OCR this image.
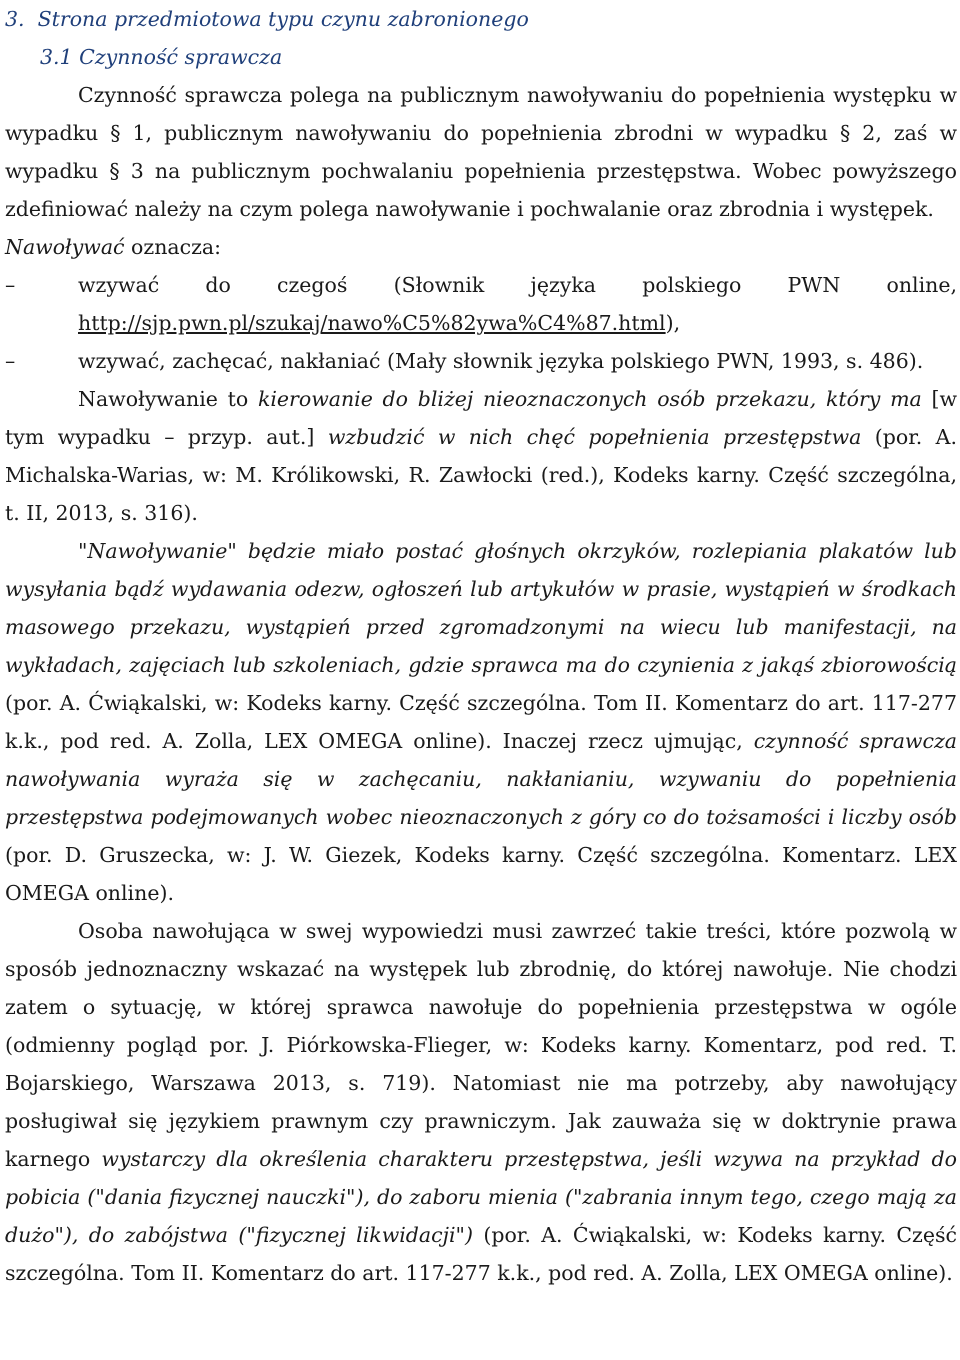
3. Strona przedmiotowa typu czynu zabronionego

3.1 Czynność sprawcza

Czynność sprawcza polega na publicznym nawoływaniu do popełnienia występku w wypadku § 1, publicznym nawoływaniu do popełnienia zbrodni w wypadku § 2, zaś w wypadku § 3 na publicznym pochwalaniu popełnienia przestępstwa. Wobec powyższego zdefiniować należy na czym polega nawoływanie i pochwalanie oraz zbrodnia i występek.

Nawoływać oznacza:

–	wzywać do czegoś (Słownik języka polskiego PWN online, http://sjp.pwn.pl/szukaj/nawo%C5%82ywa%C4%87.html),
–	wzywać, zachęcać, nakłaniać (Mały słownik języka polskiego PWN, 1993, s. 486).

Nawoływanie to kierowanie do bliżej nieoznaczonych osób przekazu, który ma [w tym wypadku – przyp. aut.] wzbudzić w nich chęć popełnienia przestępstwa (por. A. Michalska-Warias, w: M. Królikowski, R. Zawłocki (red.), Kodeks karny. Część szczególna, t. II, 2013, s. 316).

"Nawoływanie" będzie miało postać głośnych okrzyków, rozlepiania plakatów lub wysyłania bądź wydawania odezw, ogłoszeń lub artykułów w prasie, wystąpień w środkach masowego przekazu, wystąpień przed zgromadzonymi na wiecu lub manifestacji, na wykładach, zajęciach lub szkoleniach, gdzie sprawca ma do czynienia z jakąś zbiorowością (por. A. Ćwiąkalski, w: Kodeks karny. Część szczególna. Tom II. Komentarz do art. 117-277 k.k., pod red. A. Zolla, LEX OMEGA online). Inaczej rzecz ujmując, czynność sprawcza nawoływania wyraża się w zachęcaniu, nakłanianiu, wzywaniu do popełnienia przestępstwa podejmowanych wobec nieoznaczonych z góry co do tożsamości i liczby osób (por. D. Gruszecka, w: J. W. Giezek, Kodeks karny. Część szczególna. Komentarz. LEX OMEGA online).

Osoba nawołująca w swej wypowiedzi musi zawrzeć takie treści, które pozwolą w sposób jednoznaczny wskazać na występek lub zbrodnię, do której nawołuje. Nie chodzi zatem o sytuację, w której sprawca nawołuje do popełnienia przestępstwa w ogóle (odmienny pogląd por. J. Piórkowska-Flieger, w: Kodeks karny. Komentarz, pod red. T. Bojarskiego, Warszawa 2013, s. 719). Natomiast nie ma potrzeby, aby nawołujący posługiwał się językiem prawnym czy prawniczym. Jak zauważa się w doktrynie prawa karnego wystarczy dla określenia charakteru przestępstwa, jeśli wzywa na przykład do pobicia ("dania fizycznej nauczki"), do zaboru mienia ("zabrania innym tego, czego mają za dużo"), do zabójstwa ("fizycznej likwidacji") (por. A. Ćwiąkalski, w: Kodeks karny. Część szczególna. Tom II. Komentarz do art. 117-277 k.k., pod red. A. Zolla, LEX OMEGA online).
